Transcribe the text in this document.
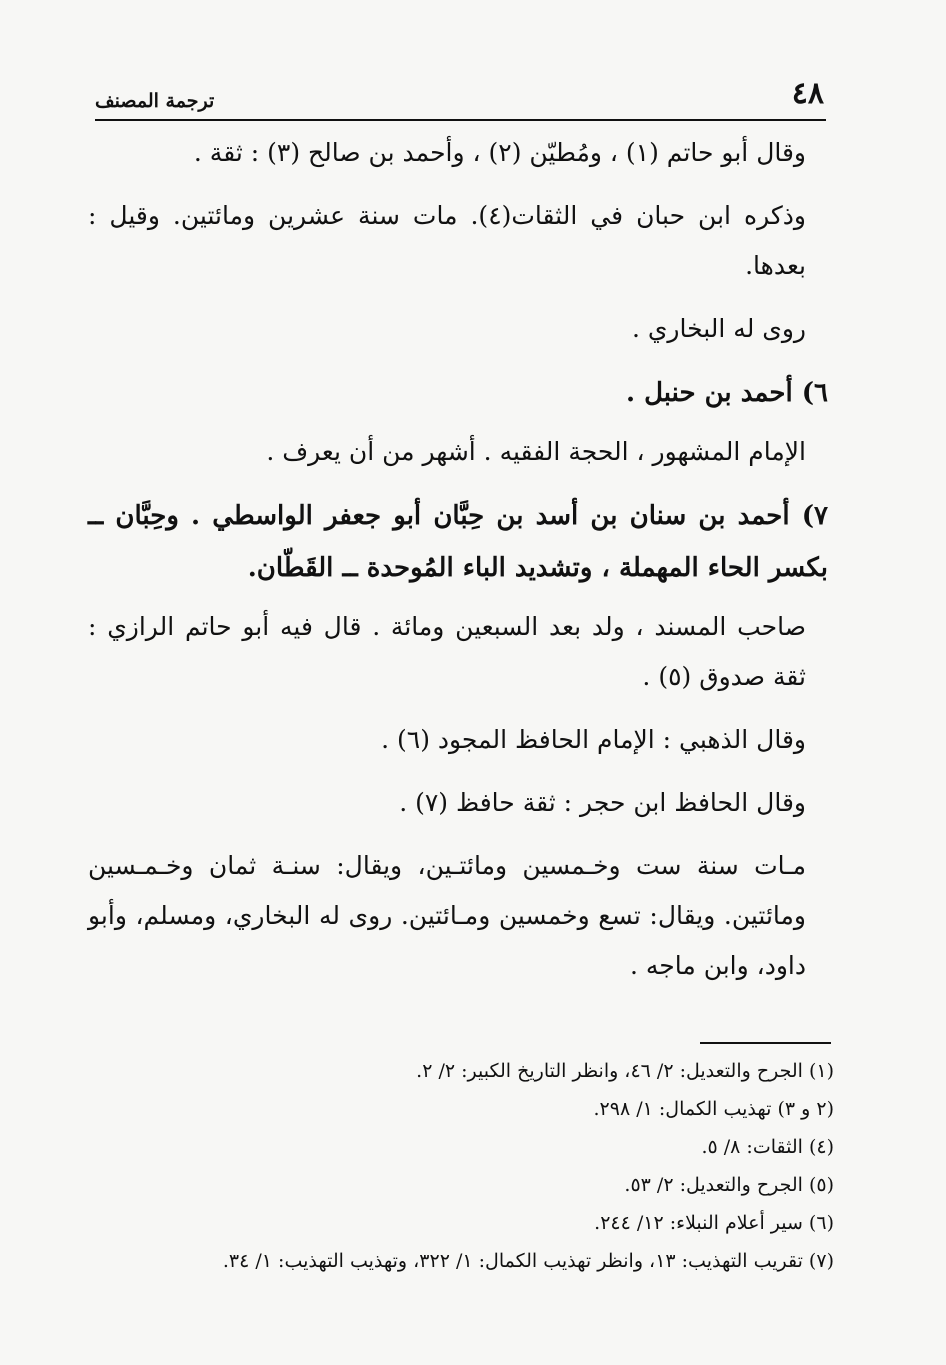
٤٨
ترجمة المصنف

وقال أبو حاتم (١) ، ومُطيّن (٢) ، وأحمد بن صالح (٣) : ثقة .

وذكره ابن حبان في الثقات(٤). مات سنة عشرين ومائتين. وقيل : بعدها.

روى له البخاري .

٦) أحمد بن حنبل .

الإمام المشهور ، الحجة الفقيه . أشهر من أن يعرف .

٧) أحمد بن سنان بن أسد بن حِبَّان أبو جعفر الواسطي . وحِبَّان ــ بكسر الحاء المهملة ، وتشديد الباء المُوحدة ــ القَطّان.

صاحب المسند ، ولد بعد السبعين ومائة . قال فيه أبو حاتم الرازي : ثقة صدوق (٥) .

وقال الذهبي : الإمام الحافظ المجود (٦) .

وقال الحافظ ابن حجر : ثقة حافظ (٧) .

مـات سنة ست وخـمسين ومائتـين، ويقال: سنـة ثمان وخـمـسين ومائتين. ويقال: تسع وخمسين ومـائتين. روى له البخاري، ومسلم، وأبو داود، وابن ماجه .

(١) الجرح والتعديل: ٢/ ٤٦، وانظر التاريخ الكبير: ٢/ ٢.
(٢ و ٣) تهذيب الكمال: ١/ ٢٩٨.
(٤) الثقات: ٨/ ٥.
(٥) الجرح والتعديل: ٢/ ٥٣.
(٦) سير أعلام النبلاء: ١٢/ ٢٤٤.
(٧) تقريب التهذيب: ١٣، وانظر تهذيب الكمال: ١/ ٣٢٢، وتهذيب التهذيب: ١/ ٣٤.
